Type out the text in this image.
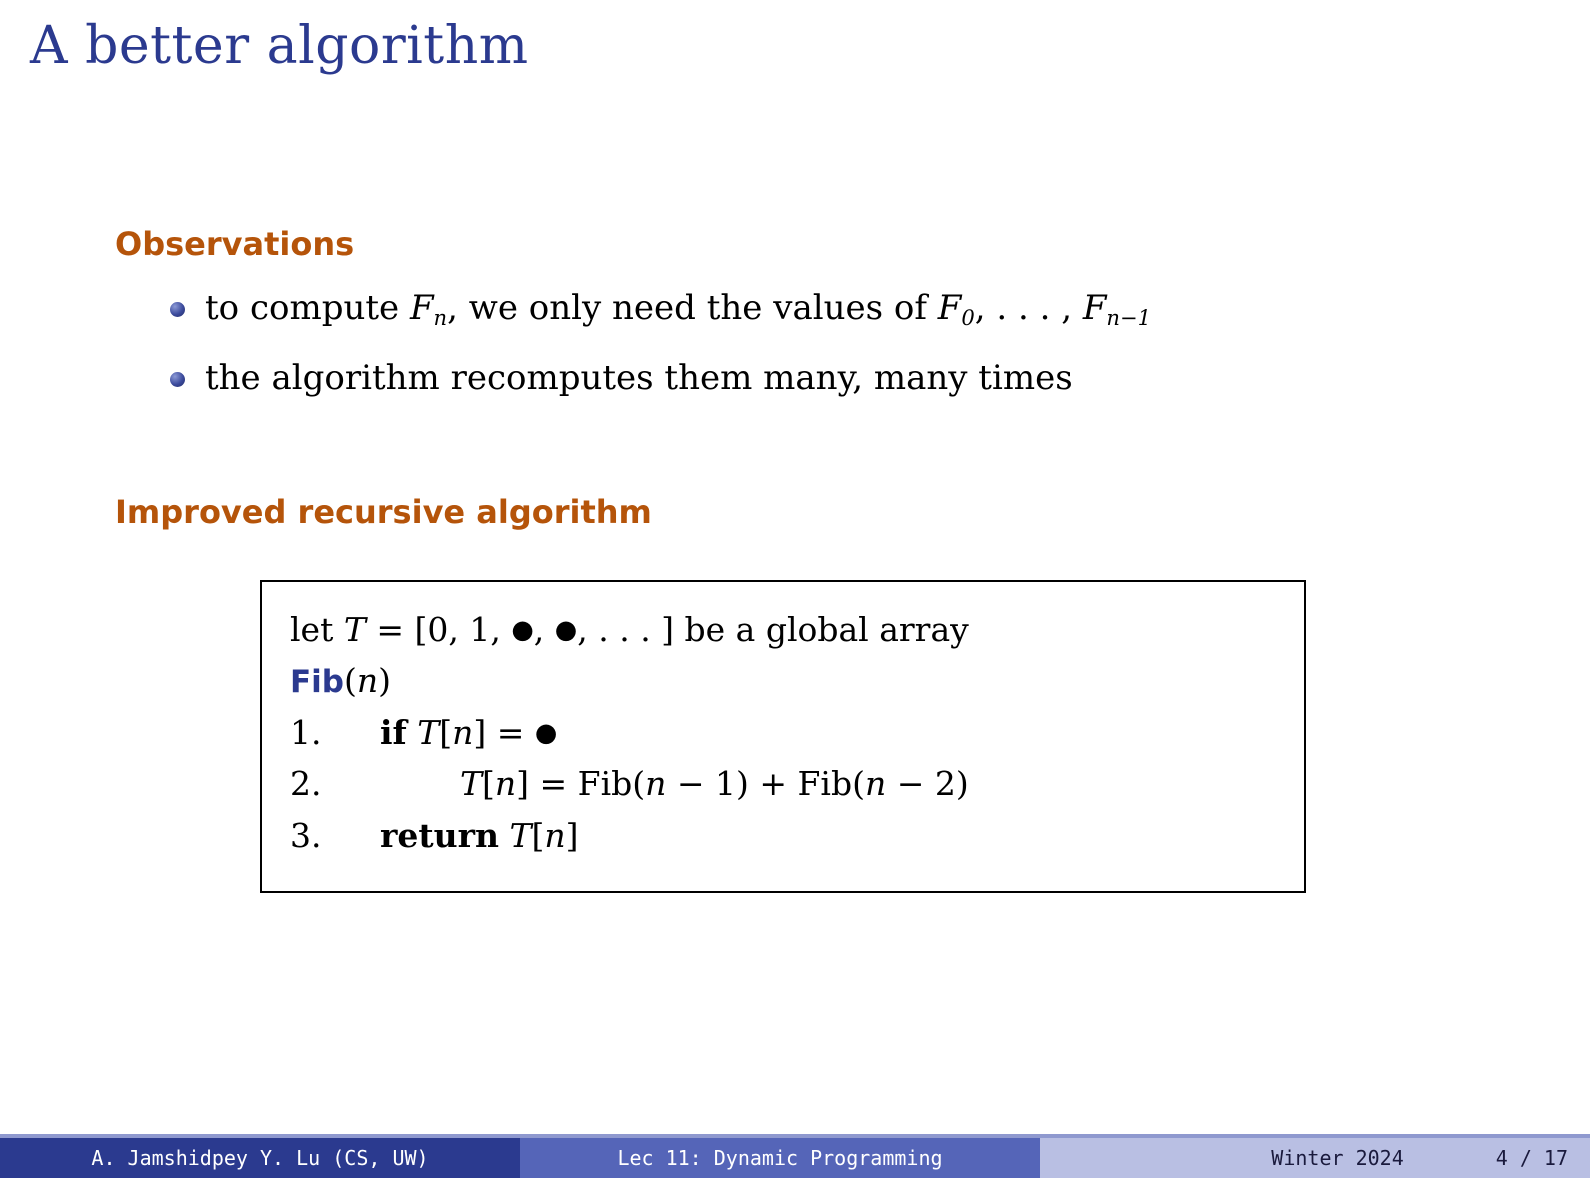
A better algorithm
Observations
to compute $F_n$, we only need the values of $F_0$, . . . , $F_{n-1}$
the algorithm recomputes them many, many times
Improved recursive algorithm
let T = [0, 1, ●, ●, . . . ] be a global array
Fib(n)
1. if T[n] = ●
2.	T[n] = Fib(n − 1) + Fib(n − 2)
3. return T[n]
A. Jamshidpey Y. Lu (CS, UW)	Lec 11: Dynamic Programming	Winter 2024	4 / 17
